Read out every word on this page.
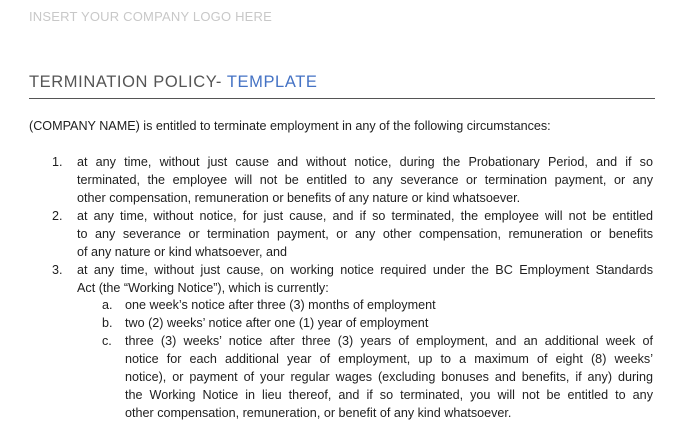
INSERT YOUR COMPANY LOGO HERE
TERMINATION POLICY- TEMPLATE
(COMPANY NAME) is entitled to terminate employment in any of the following circumstances:
1. at any time, without just cause and without notice, during the Probationary Period, and if so
terminated, the employee will not be entitled to any severance or termination payment, or any
other compensation, remuneration or benefits of any nature or kind whatsoever.
2. at any time, without notice, for just cause, and if so terminated, the employee will not be entitled
to any severance or termination payment, or any other compensation, remuneration or benefits
of any nature or kind whatsoever, and
3. at any time, without just cause, on working notice required under the BC Employment Standards
Act (the “Working Notice”), which is currently:
a. one week’s notice after three (3) months of employment
b. two (2) weeks’ notice after one (1) year of employment
c. three (3) weeks’ notice after three (3) years of employment, and an additional week of
notice for each additional year of employment, up to a maximum of eight (8) weeks’
notice), or payment of your regular wages (excluding bonuses and benefits, if any) during
the Working Notice in lieu thereof, and if so terminated, you will not be entitled to any
other compensation, remuneration, or benefit of any kind whatsoever.
